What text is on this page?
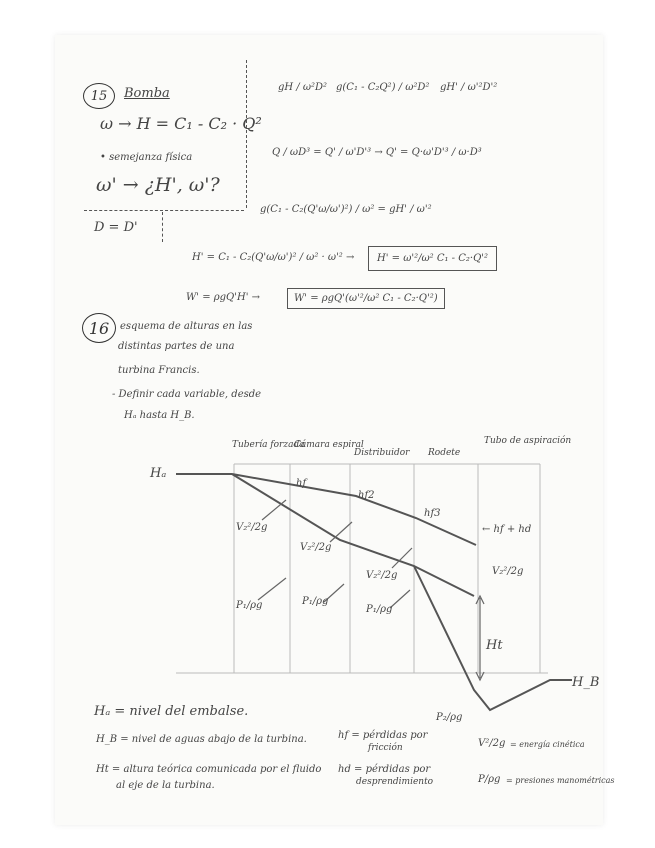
15 Bomba
ω → H = C₁ - C₂ · Q²
• semejanza física
ω' → ¿H', ω'?
D = D'
gH / ω²D² g(C₁ - C₂Q²) / ω²D² gH' / ω'²D'²
Q / ωD³ = Q' / ω'D'³ → Q' = Q·ω'D'³ / ω·D³
g(C₁ - C₂(Q'ω/ω')²) / ω² = gH' / ω'²
H' = C₁ - C₂(Q'ω/ω')² / ω² · ω'² →	H' = ω'²/ω² C₁ - C₂·Q'²
W' = ρgQ'H' →	W' = ρgQ'(ω'²/ω² C₁ - C₂·Q'²)
16 esquema de alturas en las
distintas partes de una
turbina Francis.
- Definir cada variable, desde
Hₐ hasta H_B.
Tubería forzada
Cámara espiral
Distribuidor Rodete
Tubo de aspiración
Hₐ
H_B
hf
hf2
hf3
← hf + hd
V₂²/2g
V₂²/2g
V₂²/2g	V₂²/2g
P₁/ρg	P₁/ρg
P₁/ρg
P₂/ρg
Ht
Hₐ = nivel del embalse.
H_B = nivel de aguas abajo de la turbina.
Ht = altura teórica comunicada por el fluido
al eje de la turbina.
hf = pérdidas por
fricción
hd = pérdidas por
desprendimiento
V²/2g = energía cinética
P/ρg = presiones manométricas
